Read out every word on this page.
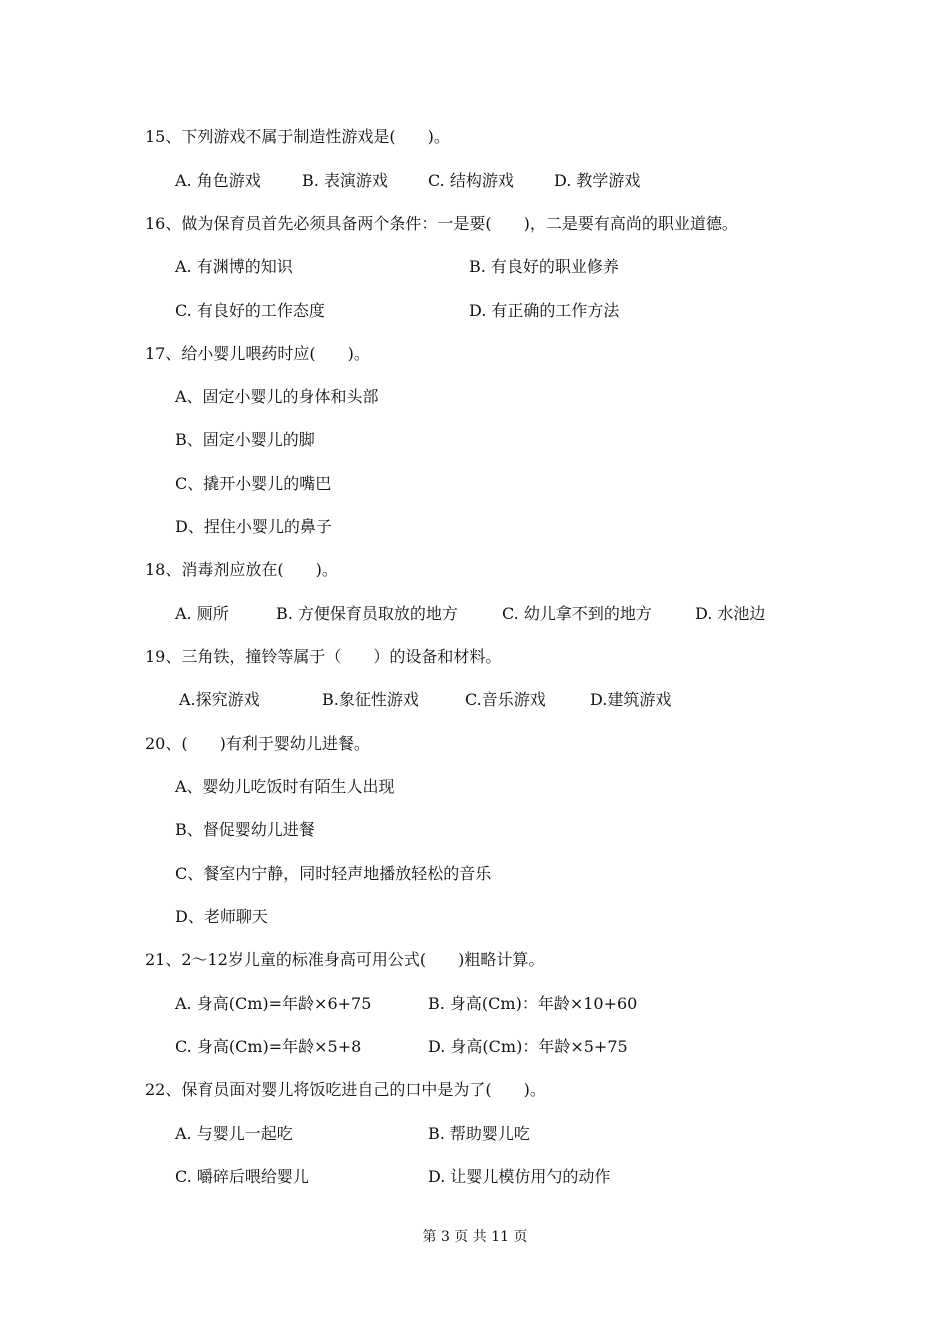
15、下列游戏不属于制造性游戏是(　　)。
A. 角色游戏	B. 表演游戏	C. 结构游戏	D. 教学游戏
16、做为保育员首先必须具备两个条件：一是要(　　)，二是要有高尚的职业道德。
A. 有渊博的知识	B. 有良好的职业修养
C. 有良好的工作态度	D. 有正确的工作方法
17、给小婴儿喂药时应(　　)。
A、固定小婴儿的身体和头部
B、固定小婴儿的脚
C、撬开小婴儿的嘴巴
D、捏住小婴儿的鼻子
18、消毒剂应放在(　　)。
A. 厕所	B. 方便保育员取放的地方	C. 幼儿拿不到的地方	D. 水池边
19、三角铁，撞铃等属于（　　）的设备和材料。
A.探究游戏	B.象征性游戏	C.音乐游戏	D.建筑游戏
20、(　　)有利于婴幼儿进餐。
A、婴幼儿吃饭时有陌生人出现
B、督促婴幼儿进餐
C、餐室内宁静，同时轻声地播放轻松的音乐
D、老师聊天
21、2～12岁儿童的标准身高可用公式(　　)粗略计算。
A. 身高(Cm)=年龄×6+75	B. 身高(Cm)：年龄×10+60
C. 身高(Cm)=年龄×5+8	D. 身高(Cm)：年龄×5+75
22、保育员面对婴儿将饭吃进自己的口中是为了(　　)。
A. 与婴儿一起吃	B. 帮助婴儿吃
C. 嚼碎后喂给婴儿	D. 让婴儿模仿用勺的动作
第 3 页 共 11 页
